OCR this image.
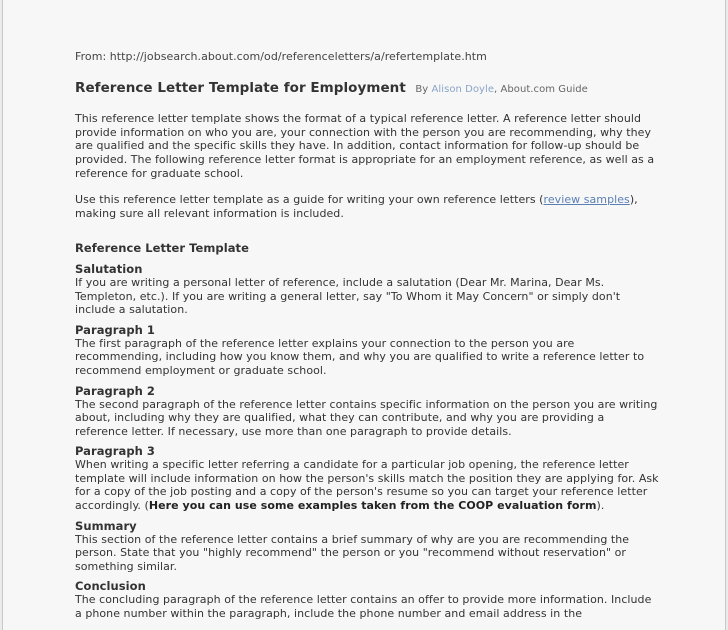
From: http://jobsearch.about.com/od/referenceletters/a/refertemplate.htm

Reference Letter Template for Employment By Alison Doyle, About.com Guide

This reference letter template shows the format of a typical reference letter. A reference letter should provide information on who you are, your connection with the person you are recommending, why they are qualified and the specific skills they have. In addition, contact information for follow-up should be provided. The following reference letter format is appropriate for an employment reference, as well as a reference for graduate school.

Use this reference letter template as a guide for writing your own reference letters (review samples), making sure all relevant information is included.

Reference Letter Template

Salutation

If you are writing a personal letter of reference, include a salutation (Dear Mr. Marina, Dear Ms. Templeton, etc.). If you are writing a general letter, say "To Whom it May Concern" or simply don't include a salutation.

Paragraph 1

The first paragraph of the reference letter explains your connection to the person you are recommending, including how you know them, and why you are qualified to write a reference letter to recommend employment or graduate school.

Paragraph 2

The second paragraph of the reference letter contains specific information on the person you are writing about, including why they are qualified, what they can contribute, and why you are providing a reference letter. If necessary, use more than one paragraph to provide details.

Paragraph 3

When writing a specific letter referring a candidate for a particular job opening, the reference letter template will include information on how the person's skills match the position they are applying for. Ask for a copy of the job posting and a copy of the person's resume so you can target your reference letter accordingly. (Here you can use some examples taken from the COOP evaluation form).

Summary

This section of the reference letter contains a brief summary of why are you are recommending the person. State that you "highly recommend" the person or you "recommend without reservation" or something similar.

Conclusion

The concluding paragraph of the reference letter contains an offer to provide more information. Include a phone number within the paragraph, include the phone number and email address in the
